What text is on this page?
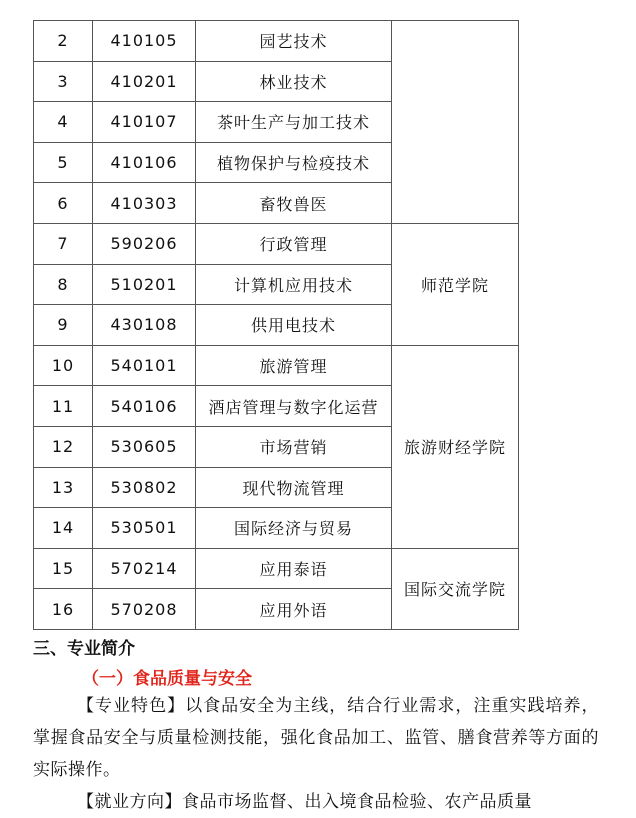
2	410105	园艺技术	
3	410201	林业技术	
4	410107	茶叶生产与加工技术	
5	410106	植物保护与检疫技术	
6	410303	畜牧兽医	
7	590206	行政管理	师范学院
8	510201	计算机应用技术	
9	430108	供用电技术	
10	540101	旅游管理	旅游财经学院
11	540106	酒店管理与数字化运营	
12	530605	市场营销	
13	530802	现代物流管理	
14	530501	国际经济与贸易	
15	570214	应用泰语	国际交流学院
16	570208	应用外语	
三、专业简介
（一）食品质量与安全
【专业特色】以食品安全为主线，结合行业需求，注重实践培养，掌握食品安全与质量检测技能，强化食品加工、监管、膳食营养等方面的实际操作。
【就业方向】食品市场监督、出入境食品检验、农产品质量
